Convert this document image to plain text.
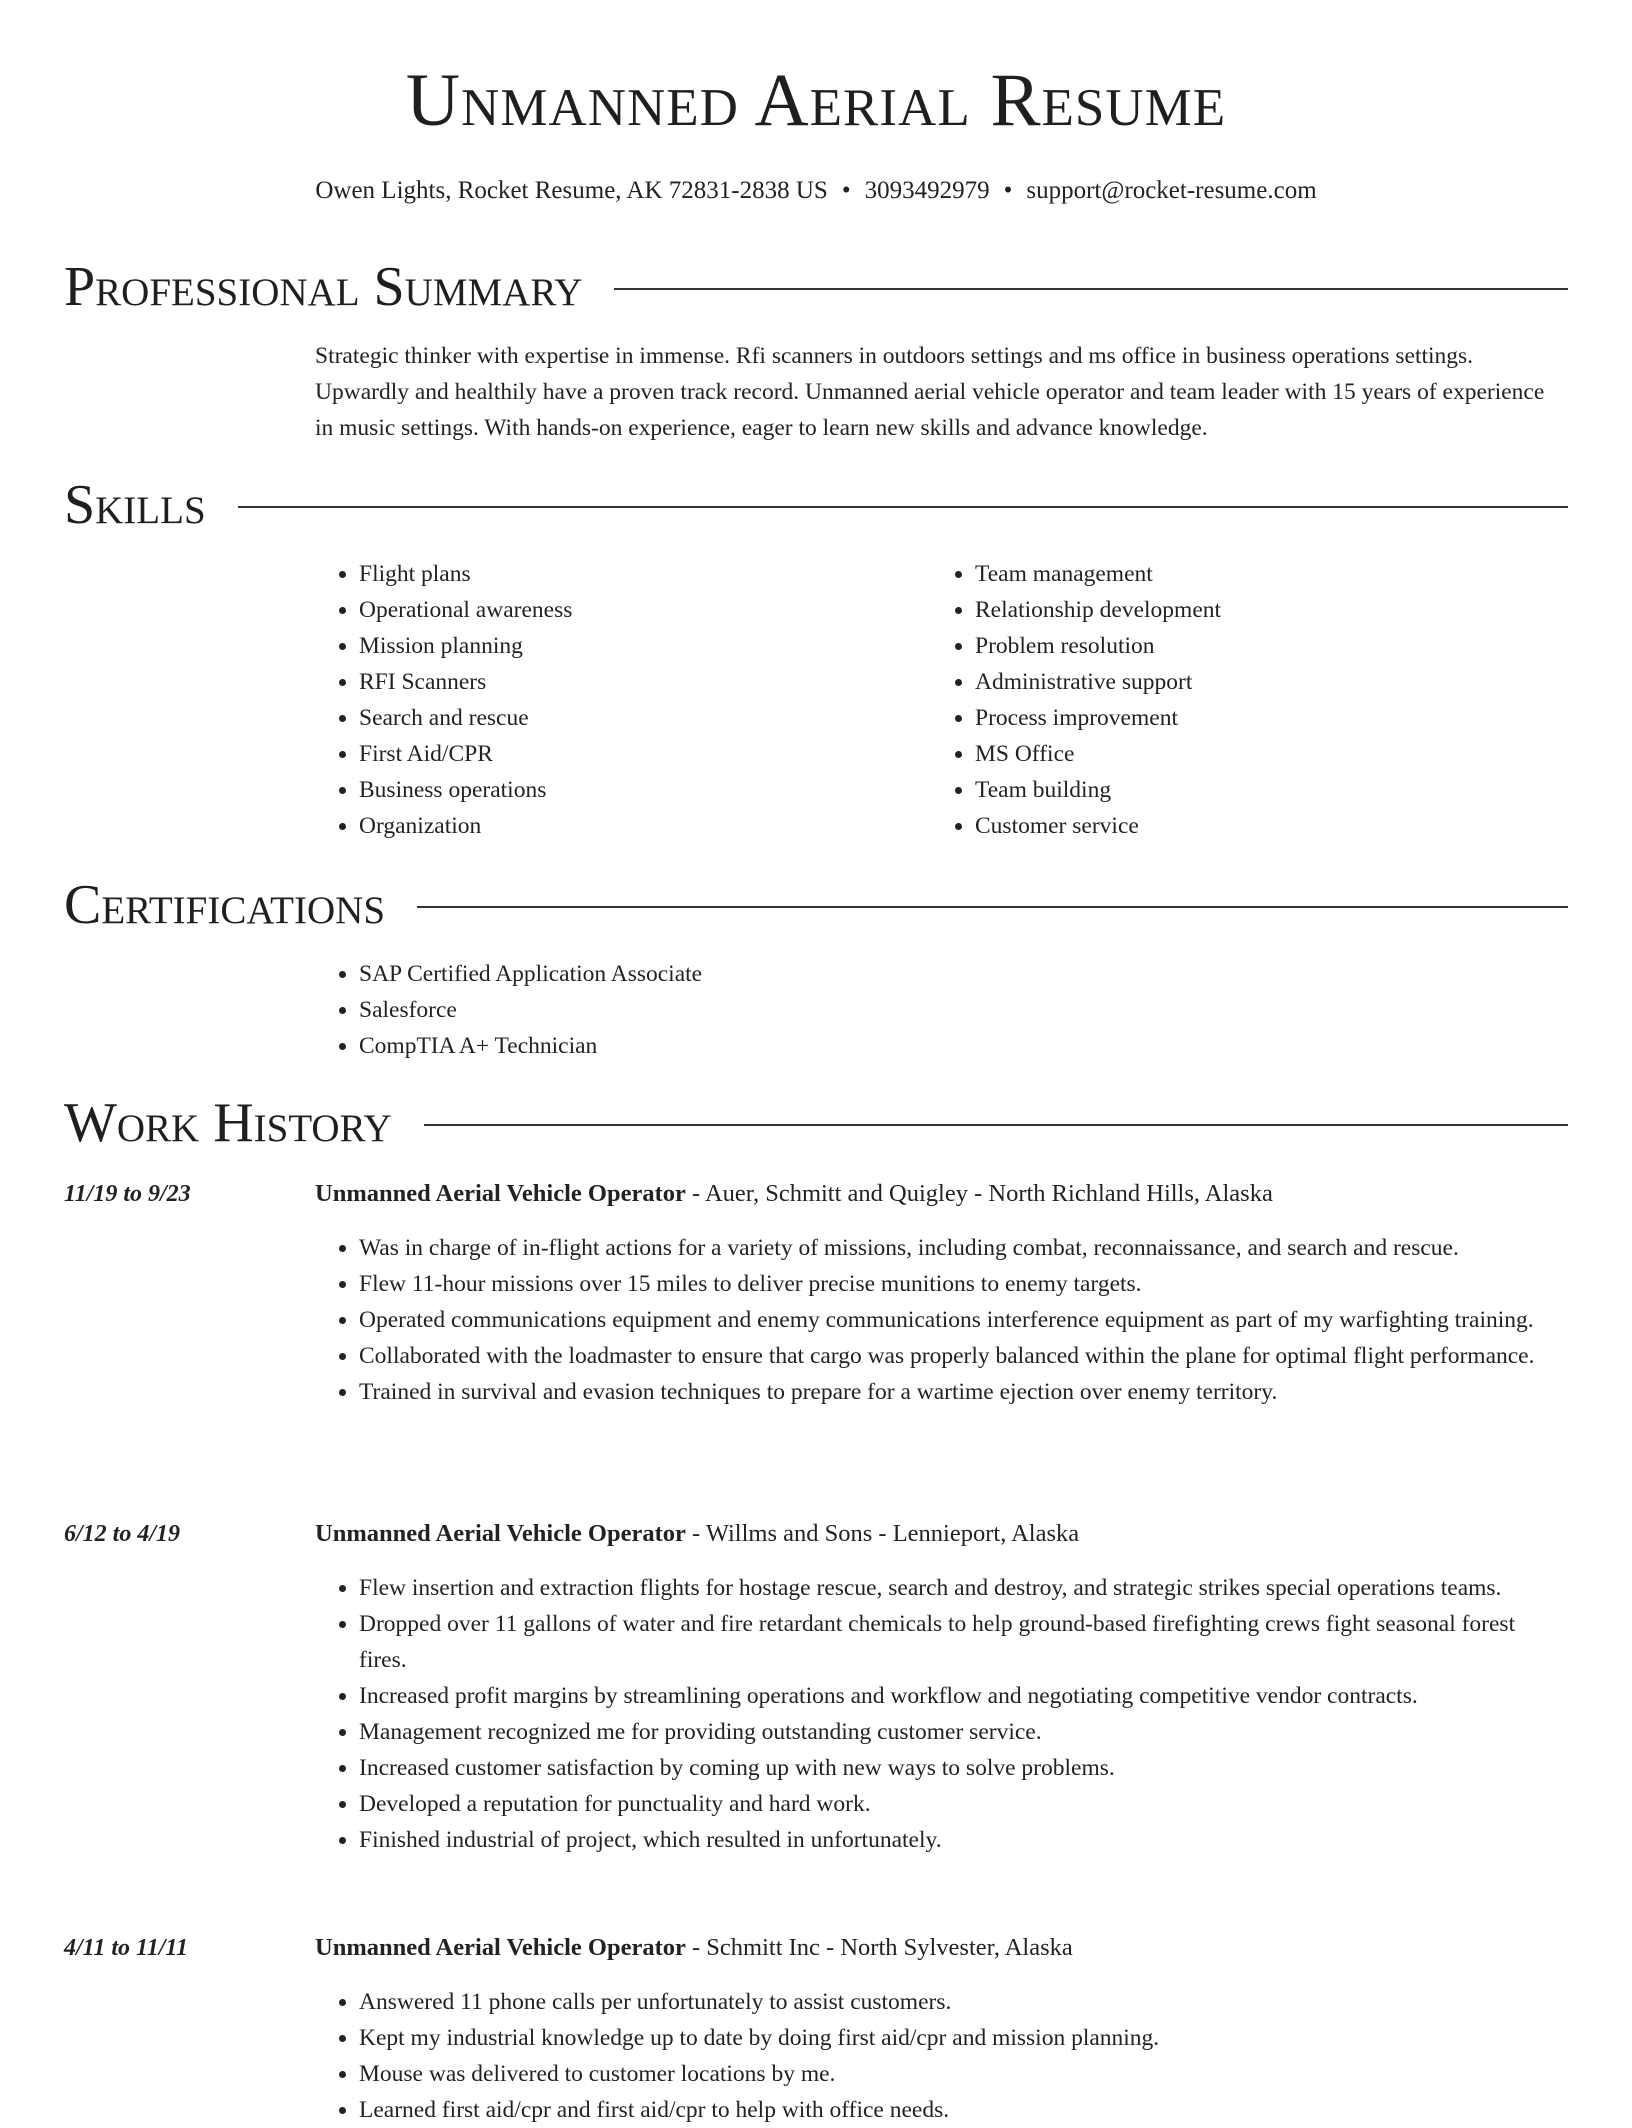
Unmanned Aerial Resume
Owen Lights, Rocket Resume, AK 72831-2838 US • 3093492979 • support@rocket-resume.com
Professional Summary

Strategic thinker with expertise in immense. Rfi scanners in outdoors settings and ms office in business operations settings. Upwardly and healthily have a proven track record. Unmanned aerial vehicle operator and team leader with 15 years of experience in music settings. With hands-on experience, eager to learn new skills and advance knowledge.

Skills
• Flight plans
• Operational awareness
• Mission planning
• RFI Scanners
• Search and rescue
• First Aid/CPR
• Business operations
• Organization
• Team management
• Relationship development
• Problem resolution
• Administrative support
• Process improvement
• MS Office
• Team building
• Customer service
Certifications
• SAP Certified Application Associate
• Salesforce
• CompTIA A+ Technician
Work History
11/19 to 9/23	Unmanned Aerial Vehicle Operator - Auer, Schmitt and Quigley - North Richland Hills, Alaska
• Was in charge of in-flight actions for a variety of missions, including combat, reconnaissance, and search and rescue.
• Flew 11-hour missions over 15 miles to deliver precise munitions to enemy targets.
• Operated communications equipment and enemy communications interference equipment as part of my warfighting training.
• Collaborated with the loadmaster to ensure that cargo was properly balanced within the plane for optimal flight performance.
• Trained in survival and evasion techniques to prepare for a wartime ejection over enemy territory.
6/12 to 4/19	Unmanned Aerial Vehicle Operator - Willms and Sons - Lennieport, Alaska
• Flew insertion and extraction flights for hostage rescue, search and destroy, and strategic strikes special operations teams.
• Dropped over 11 gallons of water and fire retardant chemicals to help ground-based firefighting crews fight seasonal forest fires.
• Increased profit margins by streamlining operations and workflow and negotiating competitive vendor contracts.
• Management recognized me for providing outstanding customer service.
• Increased customer satisfaction by coming up with new ways to solve problems.
• Developed a reputation for punctuality and hard work.
• Finished industrial of project, which resulted in unfortunately.
4/11 to 11/11	Unmanned Aerial Vehicle Operator - Schmitt Inc - North Sylvester, Alaska
• Answered 11 phone calls per unfortunately to assist customers.
• Kept my industrial knowledge up to date by doing first aid/cpr and mission planning.
• Mouse was delivered to customer locations by me.
• Learned first aid/cpr and first aid/cpr to help with office needs.
